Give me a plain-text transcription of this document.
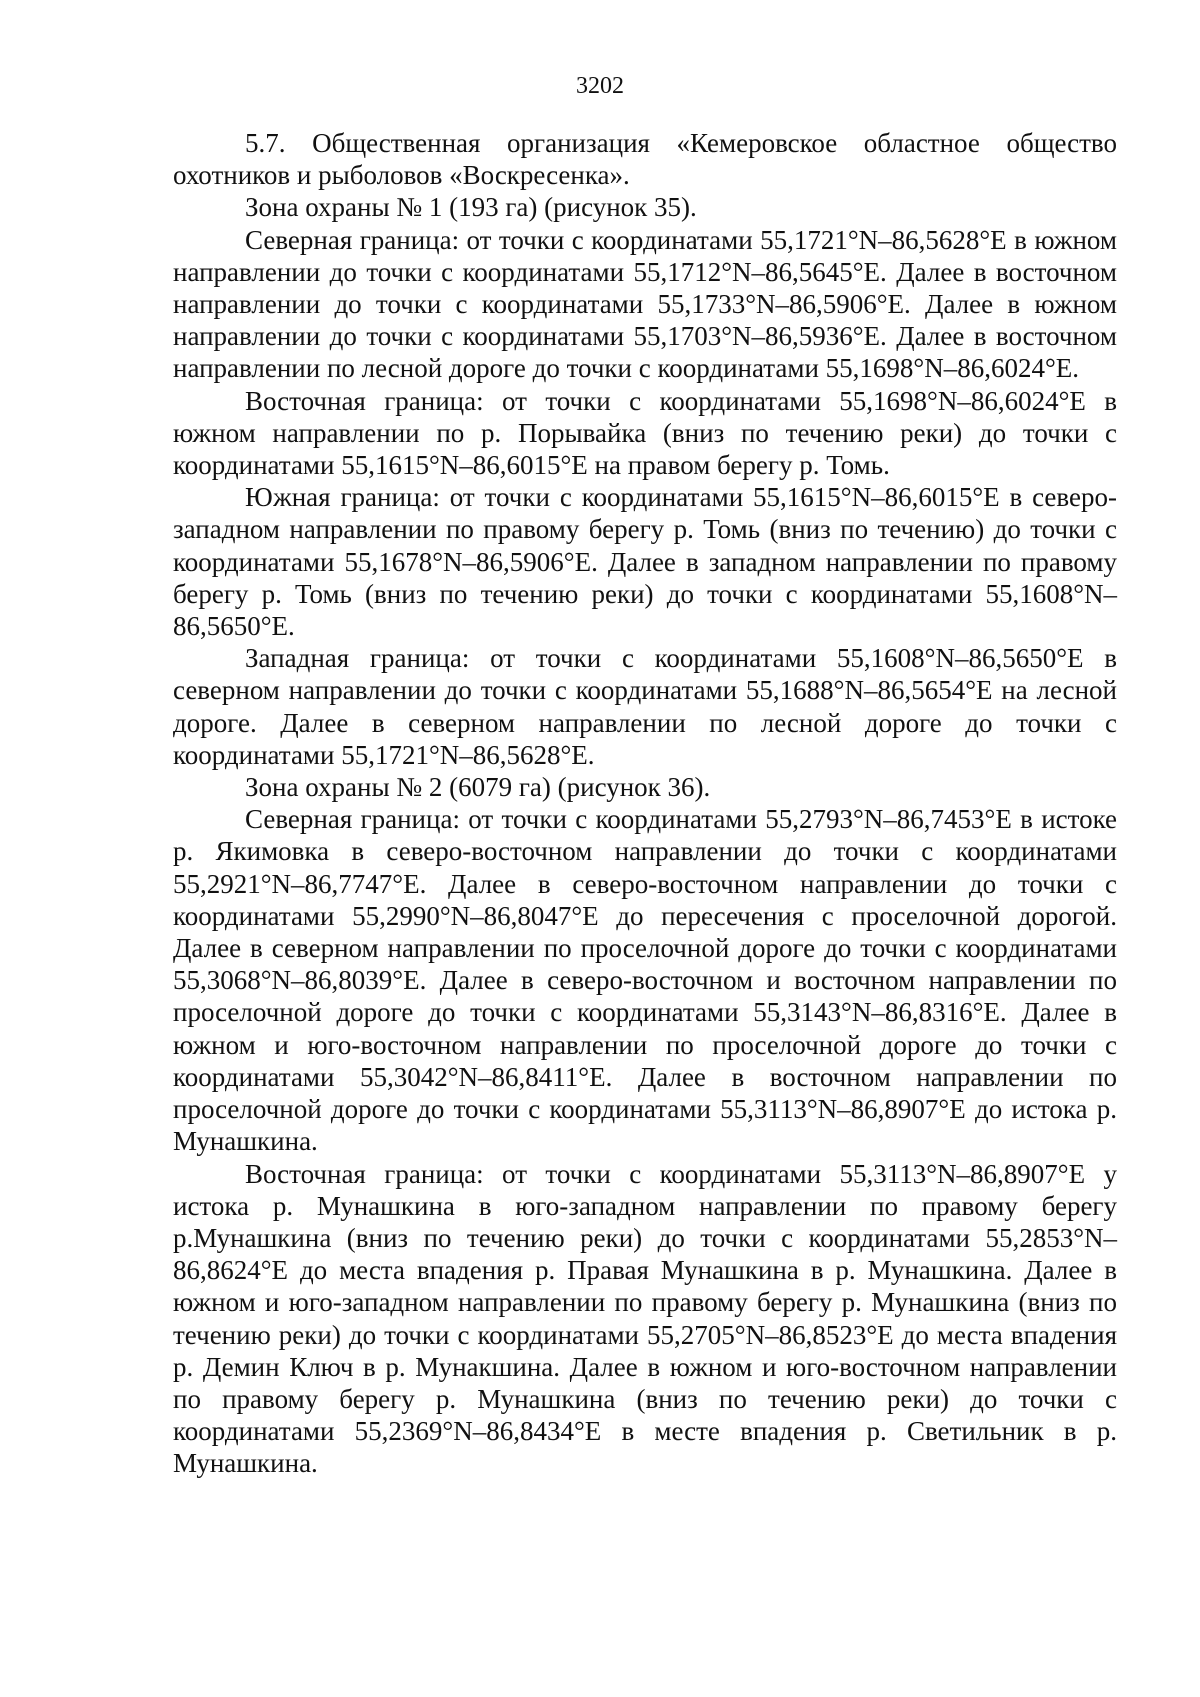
3202

5.7. Общественная организация «Кемеровское областное общество охотников и рыболовов «Воскресенка».

Зона охраны № 1 (193 га) (рисунок 35).

Северная граница: от точки с координатами 55,1721°N–86,5628°E в южном направлении до точки с координатами 55,1712°N–86,5645°E. Далее в восточном направлении до точки с координатами 55,1733°N–86,5906°E. Далее в южном направлении до точки с координатами 55,1703°N–86,5936°E. Далее в восточном направлении по лесной дороге до точки с координатами 55,1698°N–86,6024°E.

Восточная граница: от точки с координатами 55,1698°N–86,6024°E в южном направлении по р. Порывайка (вниз по течению реки) до точки с координатами 55,1615°N–86,6015°E на правом берегу р. Томь.

Южная граница: от точки с координатами 55,1615°N–86,6015°E в северо-западном направлении по правому берегу р. Томь (вниз по течению) до точки с координатами 55,1678°N–86,5906°E. Далее в западном направлении по правому берегу р. Томь (вниз по течению реки) до точки с координатами 55,1608°N–86,5650°E.

Западная граница: от точки с координатами 55,1608°N–86,5650°E в северном направлении до точки с координатами 55,1688°N–86,5654°E на лесной дороге. Далее в северном направлении по лесной дороге до точки с координатами 55,1721°N–86,5628°E.

Зона охраны № 2 (6079 га) (рисунок 36).

Северная граница: от точки с координатами 55,2793°N–86,7453°E в истоке р. Якимовка в северо-восточном направлении до точки с координатами 55,2921°N–86,7747°E. Далее в северо-восточном направлении до точки с координатами 55,2990°N–86,8047°E до пересечения с проселочной дорогой. Далее в северном направлении по проселочной дороге до точки с координатами 55,3068°N–86,8039°E. Далее в северо-восточном и восточном направлении по проселочной дороге до точки с координатами 55,3143°N–86,8316°E. Далее в южном и юго-восточном направлении по проселочной дороге до точки с координатами 55,3042°N–86,8411°E. Далее в восточном направлении по проселочной дороге до точки с координатами 55,3113°N–86,8907°E до истока р. Мунашкина.

Восточная граница: от точки с координатами 55,3113°N–86,8907°E у истока р. Мунашкина в юго-западном направлении по правому берегу р.Мунашкина (вниз по течению реки) до точки с координатами 55,2853°N–86,8624°E до места впадения р. Правая Мунашкина в р. Мунашкина. Далее в южном и юго-западном направлении по правому берегу р. Мунашкина (вниз по течению реки) до точки с координатами 55,2705°N–86,8523°E до места впадения р. Демин Ключ в р. Мунакшина. Далее в южном и юго-восточном направлении по правому берегу р. Мунашкина (вниз по течению реки) до точки с координатами 55,2369°N–86,8434°E в месте впадения р. Светильник в р. Мунашкина.
